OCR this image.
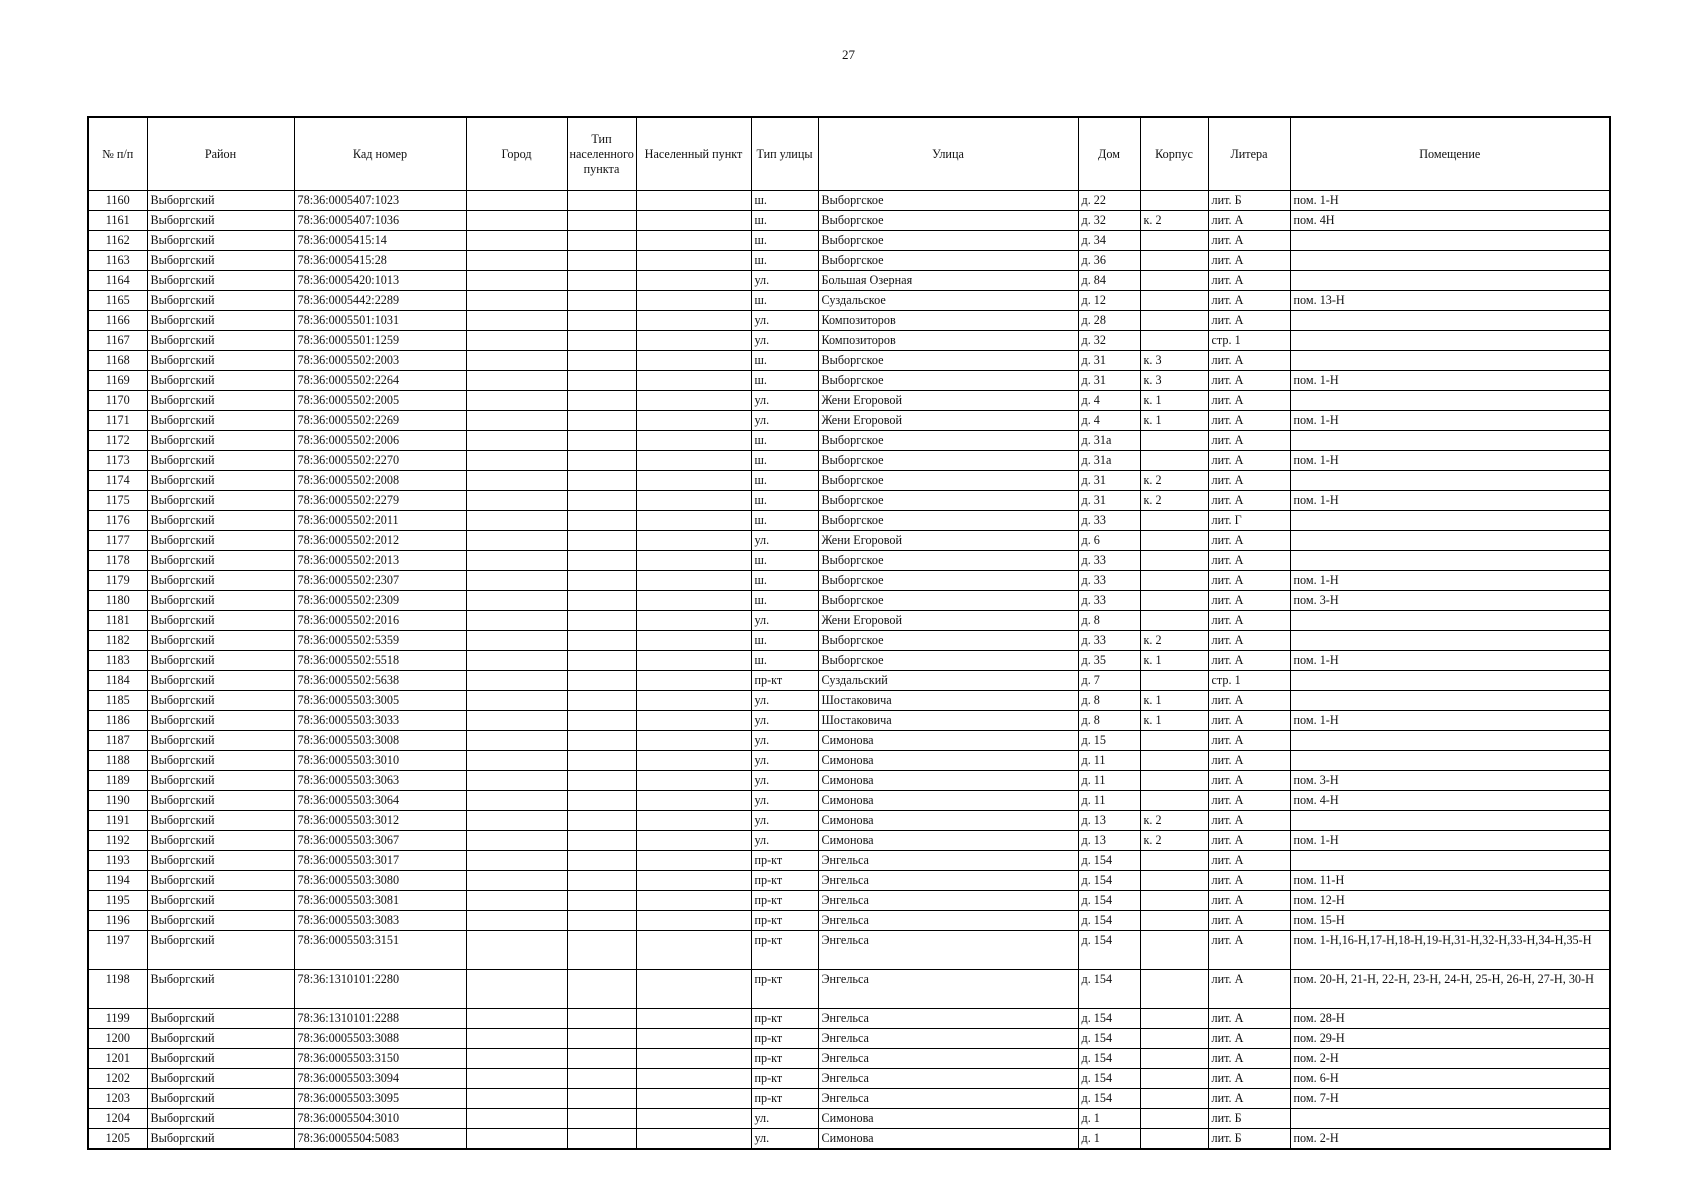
27
№ п/п	Район	Кад номер	Город	Тип населенного пункта	Населенный пункт	Тип улицы	Улица	Дом	Корпус	Литера	Помещение
1160	Выборгский	78:36:0005407:1023				ш.	Выборгское	д. 22		лит. Б	пом. 1-Н
1161	Выборгский	78:36:0005407:1036				ш.	Выборгское	д. 32	к. 2	лит. А	пом. 4Н
1162	Выборгский	78:36:0005415:14				ш.	Выборгское	д. 34		лит. А	
1163	Выборгский	78:36:0005415:28				ш.	Выборгское	д. 36		лит. А	
1164	Выборгский	78:36:0005420:1013				ул.	Большая Озерная	д. 84		лит. А	
1165	Выборгский	78:36:0005442:2289				ш.	Суздальское	д. 12		лит. А	пом. 13-Н
1166	Выборгский	78:36:0005501:1031				ул.	Композиторов	д. 28		лит. А	
1167	Выборгский	78:36:0005501:1259				ул.	Композиторов	д. 32		стр. 1	
1168	Выборгский	78:36:0005502:2003				ш.	Выборгское	д. 31	к. 3	лит. А	
1169	Выборгский	78:36:0005502:2264				ш.	Выборгское	д. 31	к. 3	лит. А	пом. 1-Н
1170	Выборгский	78:36:0005502:2005				ул.	Жени Егоровой	д. 4	к. 1	лит. А	
1171	Выборгский	78:36:0005502:2269				ул.	Жени Егоровой	д. 4	к. 1	лит. А	пом. 1-Н
1172	Выборгский	78:36:0005502:2006				ш.	Выборгское	д. 31а		лит. А	
1173	Выборгский	78:36:0005502:2270				ш.	Выборгское	д. 31а		лит. А	пом. 1-Н
1174	Выборгский	78:36:0005502:2008				ш.	Выборгское	д. 31	к. 2	лит. А	
1175	Выборгский	78:36:0005502:2279				ш.	Выборгское	д. 31	к. 2	лит. А	пом. 1-Н
1176	Выборгский	78:36:0005502:2011				ш.	Выборгское	д. 33		лит. Г	
1177	Выборгский	78:36:0005502:2012				ул.	Жени Егоровой	д. 6		лит. А	
1178	Выборгский	78:36:0005502:2013				ш.	Выборгское	д. 33		лит. А	
1179	Выборгский	78:36:0005502:2307				ш.	Выборгское	д. 33		лит. А	пом. 1-Н
1180	Выборгский	78:36:0005502:2309				ш.	Выборгское	д. 33		лит. А	пом. 3-Н
1181	Выборгский	78:36:0005502:2016				ул.	Жени Егоровой	д. 8		лит. А	
1182	Выборгский	78:36:0005502:5359				ш.	Выборгское	д. 33	к. 2	лит. А	
1183	Выборгский	78:36:0005502:5518				ш.	Выборгское	д. 35	к. 1	лит. А	пом. 1-Н
1184	Выборгский	78:36:0005502:5638				пр-кт	Суздальский	д. 7		стр. 1	
1185	Выборгский	78:36:0005503:3005				ул.	Шостаковича	д. 8	к. 1	лит. А	
1186	Выборгский	78:36:0005503:3033				ул.	Шостаковича	д. 8	к. 1	лит. А	пом. 1-Н
1187	Выборгский	78:36:0005503:3008				ул.	Симонова	д. 15		лит. А	
1188	Выборгский	78:36:0005503:3010				ул.	Симонова	д. 11		лит. А	
1189	Выборгский	78:36:0005503:3063				ул.	Симонова	д. 11		лит. А	пом. 3-Н
1190	Выборгский	78:36:0005503:3064				ул.	Симонова	д. 11		лит. А	пом. 4-Н
1191	Выборгский	78:36:0005503:3012				ул.	Симонова	д. 13	к. 2	лит. А	
1192	Выборгский	78:36:0005503:3067				ул.	Симонова	д. 13	к. 2	лит. А	пом. 1-Н
1193	Выборгский	78:36:0005503:3017				пр-кт	Энгельса	д. 154		лит. А	
1194	Выборгский	78:36:0005503:3080				пр-кт	Энгельса	д. 154		лит. А	пом. 11-Н
1195	Выборгский	78:36:0005503:3081				пр-кт	Энгельса	д. 154		лит. А	пом. 12-Н
1196	Выборгский	78:36:0005503:3083				пр-кт	Энгельса	д. 154		лит. А	пом. 15-Н
1197	Выборгский	78:36:0005503:3151				пр-кт	Энгельса	д. 154		лит. А	пом. 1-Н,16-Н,17-Н,18-Н,19-Н,31-Н,32-Н,33-Н,34-Н,35-Н
1198	Выборгский	78:36:1310101:2280				пр-кт	Энгельса	д. 154		лит. А	пом. 20-Н, 21-Н, 22-Н, 23-Н, 24-Н, 25-Н, 26-Н, 27-Н, 30-Н
1199	Выборгский	78:36:1310101:2288				пр-кт	Энгельса	д. 154		лит. А	пом. 28-Н
1200	Выборгский	78:36:0005503:3088				пр-кт	Энгельса	д. 154		лит. А	пом. 29-Н
1201	Выборгский	78:36:0005503:3150				пр-кт	Энгельса	д. 154		лит. А	пом. 2-Н
1202	Выборгский	78:36:0005503:3094				пр-кт	Энгельса	д. 154		лит. А	пом. 6-Н
1203	Выборгский	78:36:0005503:3095				пр-кт	Энгельса	д. 154		лит. А	пом. 7-Н
1204	Выборгский	78:36:0005504:3010				ул.	Симонова	д. 1		лит. Б	
1205	Выборгский	78:36:0005504:5083				ул.	Симонова	д. 1		лит. Б	пом. 2-Н
